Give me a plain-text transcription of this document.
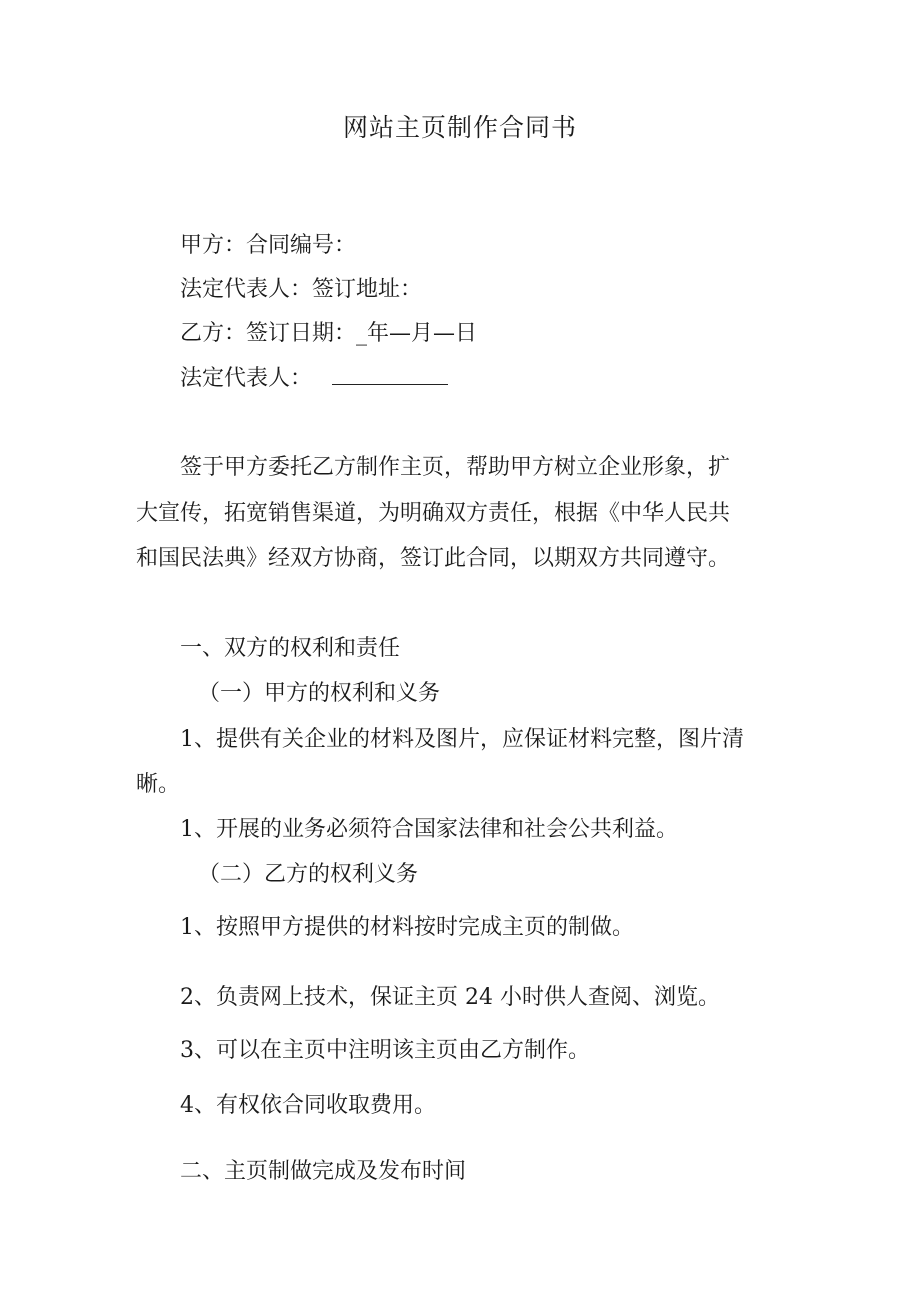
网站主页制作合同书
甲方：合同编号：
法定代表人：签订地址：
乙方：签订日期：_年—月—日
法定代表人：
签于甲方委托乙方制作主页，帮助甲方树立企业形象，扩
大宣传，拓宽销售渠道，为明确双方责任，根据《中华人民共
和国民法典》经双方协商，签订此合同，以期双方共同遵守。
一、双方的权利和责任
（一）甲方的权利和义务
1、提供有关企业的材料及图片，应保证材料完整，图片清
晰。
1、开展的业务必须符合国家法律和社会公共利益。
（二）乙方的权利义务
1、按照甲方提供的材料按时完成主页的制做。
2、负责网上技术，保证主页 24 小时供人查阅、浏览。
3、可以在主页中注明该主页由乙方制作。
4、有权依合同收取费用。
二、主页制做完成及发布时间
